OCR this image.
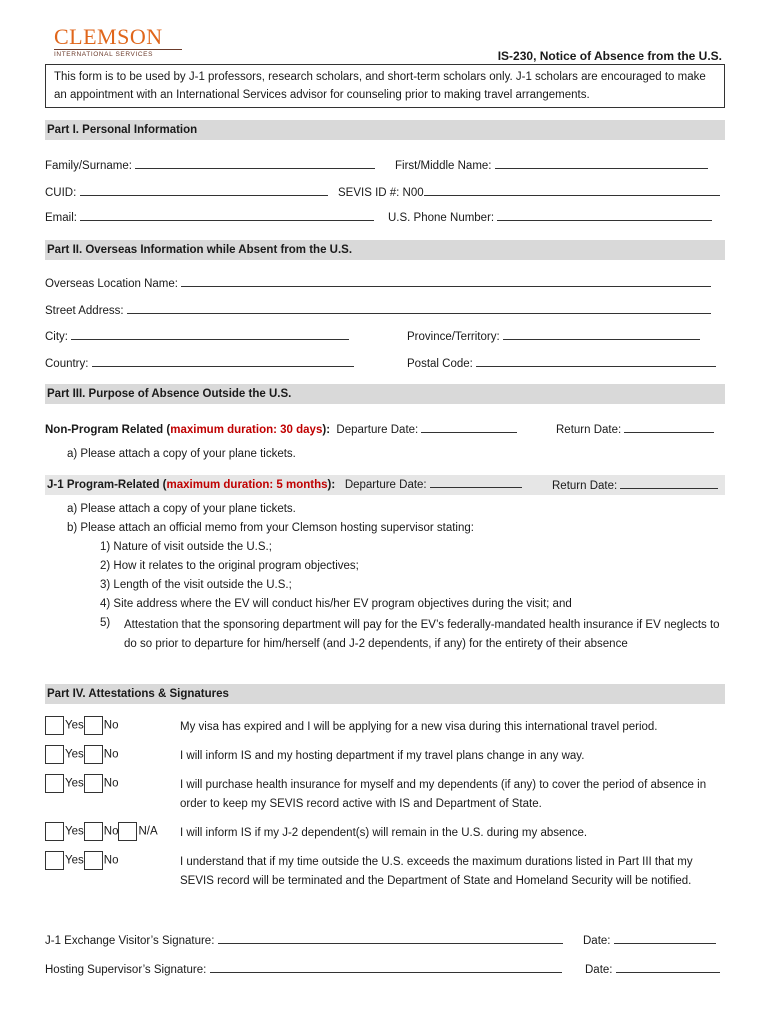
CLEMSON
INTERNATIONAL SERVICES	IS-230, Notice of Absence from the U.S.
This form is to be used by J-1 professors, research scholars, and short-term scholars only. J-1 scholars are encouraged to make an appointment with an International Services advisor for counseling prior to making travel arrangements.
Part I. Personal Information
Family/Surname:	First/Middle Name:
CUID:	SEVIS ID #: N00
Email:	U.S. Phone Number:
Part II. Overseas Information while Absent from the U.S.
Overseas Location Name:
Street Address:
City:	Province/Territory:
Country:	Postal Code:
Part III. Purpose of Absence Outside the U.S.
Non-Program Related (maximum duration: 30 days): Departure Date:	Return Date:
a) Please attach a copy of your plane tickets.
J-1 Program-Related (maximum duration: 5 months): Departure Date:	Return Date:
a) Please attach a copy of your plane tickets.
b) Please attach an official memo from your Clemson hosting supervisor stating:
1) Nature of visit outside the U.S.;
2) How it relates to the original program objectives;
3) Length of the visit outside the U.S.;
4) Site address where the EV will conduct his/her EV program objectives during the visit; and
5) Attestation that the sponsoring department will pay for the EV’s federally-mandated health insurance if EV neglects to do so prior to departure for him/herself (and J-2 dependents, if any) for the entirety of their absence
Part IV. Attestations & Signatures
Yes No	My visa has expired and I will be applying for a new visa during this international travel period.
Yes No	I will inform IS and my hosting department if my travel plans change in any way.
Yes No	I will purchase health insurance for myself and my dependents (if any) to cover the period of absence in order to keep my SEVIS record active with IS and Department of State.
Yes No N/A I will inform IS if my J-2 dependent(s) will remain in the U.S. during my absence.
Yes No	I understand that if my time outside the U.S. exceeds the maximum durations listed in Part III that my SEVIS record will be terminated and the Department of State and Homeland Security will be notified.
J-1 Exchange Visitor’s Signature:	Date:
Hosting Supervisor’s Signature:	Date:
